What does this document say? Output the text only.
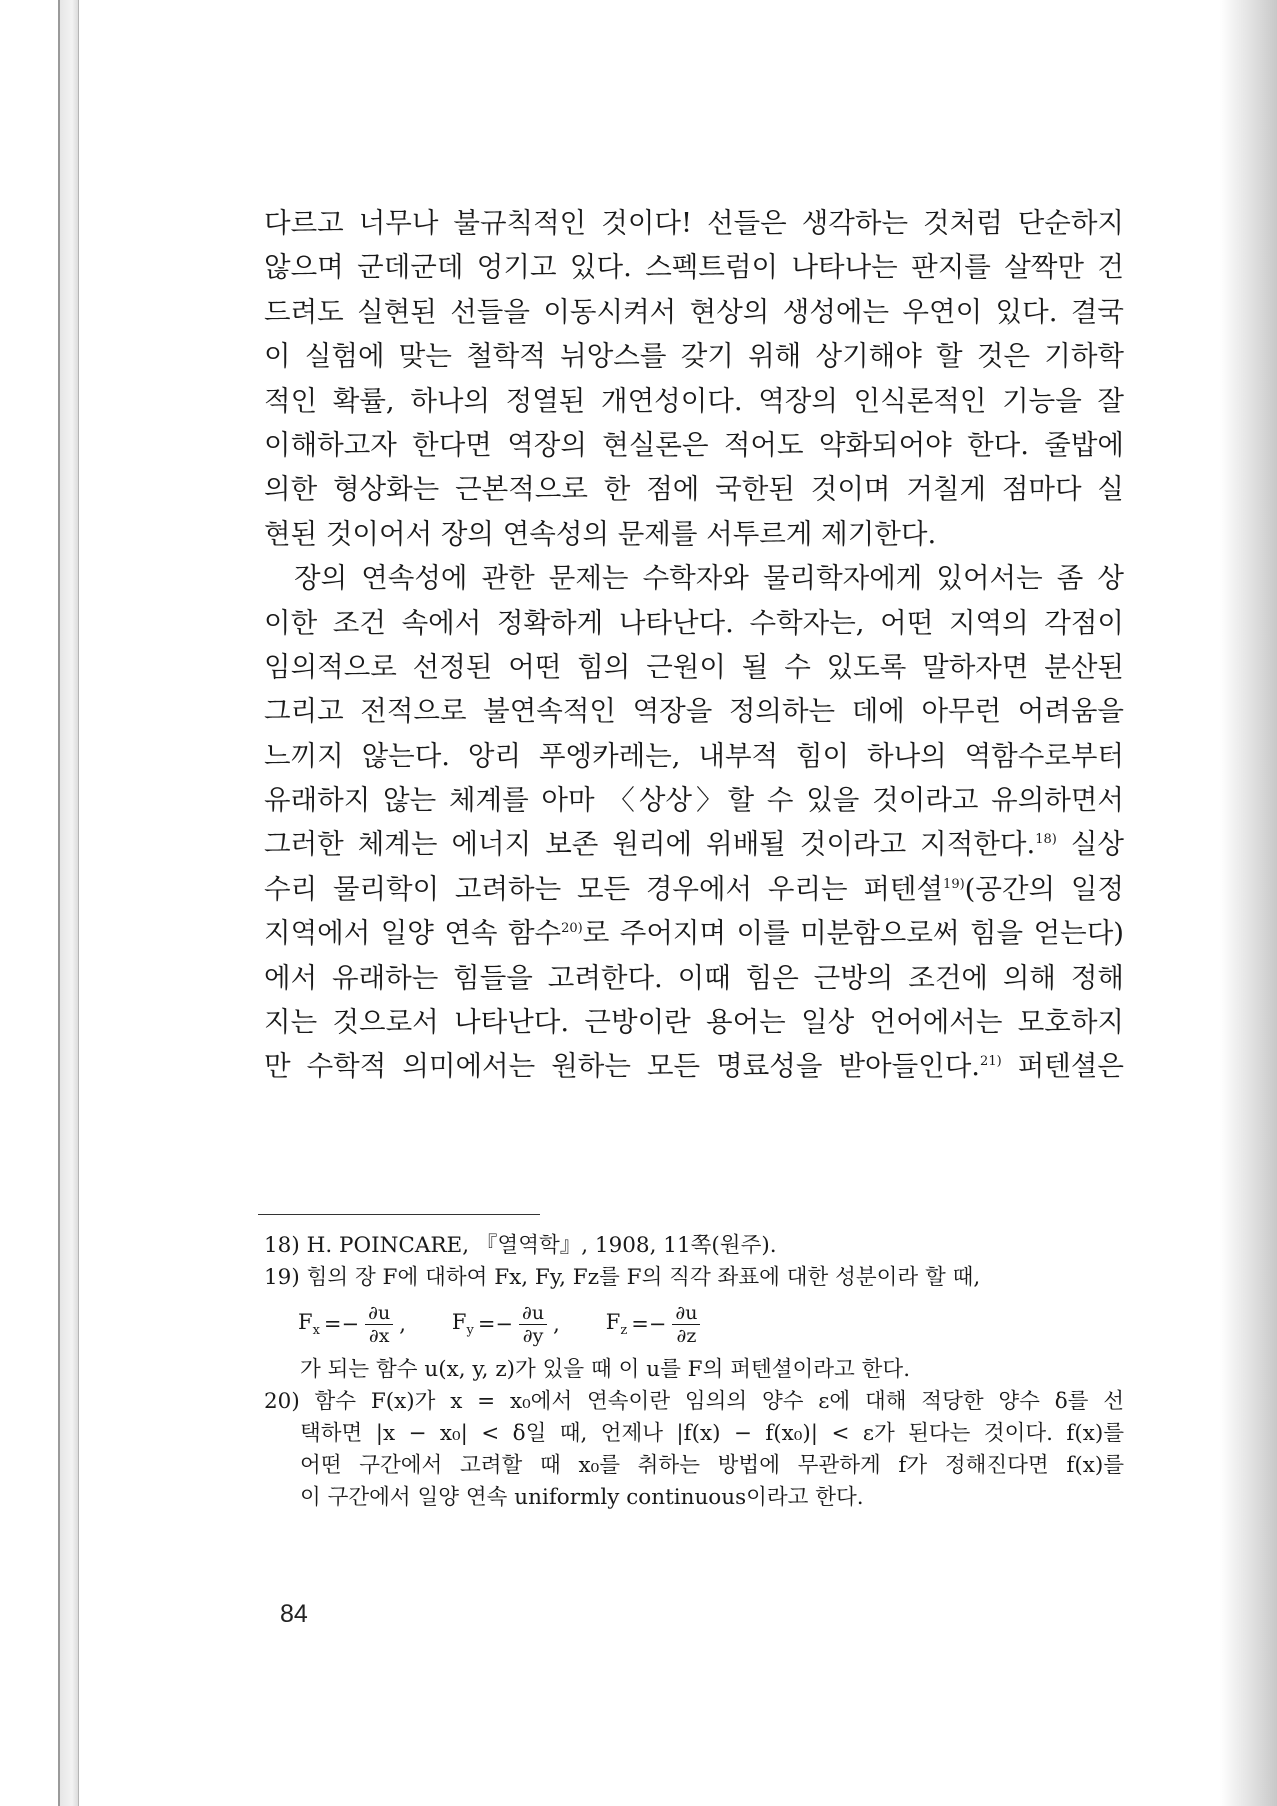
다르고 너무나 불규칙적인 것이다! 선들은 생각하는 것처럼 단순하지
않으며 군데군데 엉기고 있다. 스펙트럼이 나타나는 판지를 살짝만 건
드려도 실현된 선들을 이동시켜서 현상의 생성에는 우연이 있다. 결국
이 실험에 맞는 철학적 뉘앙스를 갖기 위해 상기해야 할 것은 기하학
적인 확률, 하나의 정열된 개연성이다. 역장의 인식론적인 기능을 잘
이해하고자 한다면 역장의 현실론은 적어도 약화되어야 한다. 줄밥에
의한 형상화는 근본적으로 한 점에 국한된 것이며 거칠게 점마다 실
현된 것이어서 장의 연속성의 문제를 서투르게 제기한다.
장의 연속성에 관한 문제는 수학자와 물리학자에게 있어서는 좀 상
이한 조건 속에서 정확하게 나타난다. 수학자는, 어떤 지역의 각점이
임의적으로 선정된 어떤 힘의 근원이 될 수 있도록 말하자면 분산된
그리고 전적으로 불연속적인 역장을 정의하는 데에 아무런 어려움을
느끼지 않는다. 앙리 푸엥카레는, 내부적 힘이 하나의 역함수로부터
유래하지 않는 체계를 아마 〈상상〉할 수 있을 것이라고 유의하면서
그러한 체계는 에너지 보존 원리에 위배될 것이라고 지적한다.$^{18)}$ 실상
수리 물리학이 고려하는 모든 경우에서 우리는 퍼텐셜$^{19)}$(공간의 일정
지역에서 일양 연속 함수$^{20)}$로 주어지며 이를 미분함으로써 힘을 얻는다)
에서 유래하는 힘들을 고려한다. 이때 힘은 근방의 조건에 의해 정해
지는 것으로서 나타난다. 근방이란 용어는 일상 언어에서는 모호하지
만 수학적 의미에서는 원하는 모든 명료성을 받아들인다.$^{21)}$ 퍼텐셜은
18) H. POINCARE, 『열역학』, 1908, 11쪽(원주).
19) 힘의 장 F에 대하여 Fx, Fy, Fz를 F의 직각 좌표에 대한 성분이라 할 때,
$F_x =- \frac{\partial u}{\partial x}$ , $F_y =- \frac{\partial u}{\partial y}$ , $F_z =- \frac{\partial u}{\partial z}$
가 되는 함수 u(x, y, z)가 있을 때 이 u를 F의 퍼텐셜이라고 한다.
20) 함수 F(x)가 x = x₀에서 연속이란 임의의 양수 ε에 대해 적당한 양수 δ를 선
택하면 |x − x₀| < δ일 때, 언제나 |f(x) − f(x₀)| < ε가 된다는 것이다. f(x)를
어떤 구간에서 고려할 때 x₀를 취하는 방법에 무관하게 f가 정해진다면 f(x)를
이 구간에서 일양 연속 uniformly continuous이라고 한다.
84
